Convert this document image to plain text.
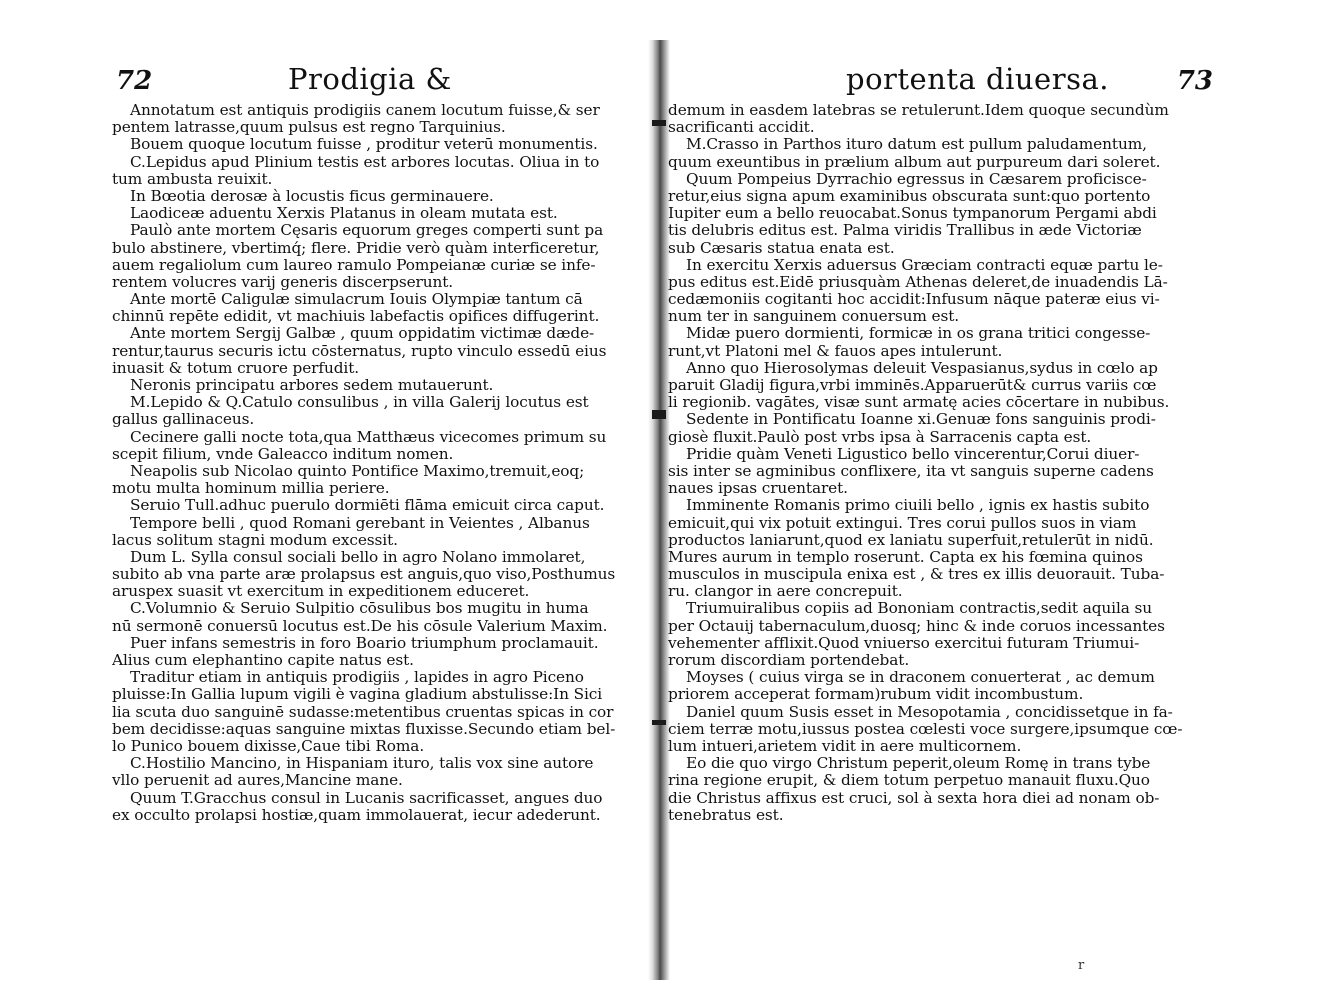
72	Prodigia &
Annotatum est antiquis prodigiis canem locutum fuisse,& ser
pentem latrasse,quum pulsus est regno Tarquinius.
Bouem quoque locutum fuisse , proditur veterū monumentis.
C.Lepidus apud Plinium testis est arbores locutas. Oliua in to
tum ambusta reuixit.
In Bœotia derosæ à locustis ficus germinauere.
Laodiceæ aduentu Xerxis Platanus in oleam mutata est.
Paulò ante mortem Cęsaris equorum greges comperti sunt pa
bulo abstinere, vbertimq́; flere. Pridie verò quàm interficeretur,
auem regaliolum cum laureo ramulo Pompeianæ curiæ se infe-
rentem volucres varij generis discerpserunt.
Ante mortē Caligulæ simulacrum Iouis Olympiæ tantum cā
chinnū repēte edidit, vt machiuis labefactis opifices diffugerint.
Ante mortem Sergij Galbæ , quum oppidatim victimæ dæde-
rentur,taurus securis ictu cōsternatus, rupto vinculo essedū eius
inuasit & totum cruore perfudit.
Neronis principatu arbores sedem mutauerunt.
M.Lepido & Q.Catulo consulibus , in villa Galerij locutus est
gallus gallinaceus.
Cecinere galli nocte tota,qua Matthæus vicecomes primum su
scepit filium, vnde Galeacco inditum nomen.
Neapolis sub Nicolao quinto Pontifice Maximo,tremuit,eoq;
motu multa hominum millia periere.
Seruio Tull.adhuc puerulo dormiēti flāma emicuit circa caput.
Tempore belli , quod Romani gerebant in Veientes , Albanus
lacus solitum stagni modum excessit.
Dum L. Sylla consul sociali bello in agro Nolano immolaret,
subito ab vna parte aræ prolapsus est anguis,quo viso,Posthumus
aruspex suasit vt exercitum in expeditionem educeret.
C.Volumnio & Seruio Sulpitio cōsulibus bos mugitu in huma
nū sermonē conuersū locutus est.De his cōsule Valerium Maxim.
Puer infans semestris in foro Boario triumphum proclamauit.
Alius cum elephantino capite natus est.
Traditur etiam in antiquis prodigiis , lapides in agro Piceno
pluisse:In Gallia lupum vigili è vagina gladium abstulisse:In Sici
lia scuta duo sanguinē sudasse:metentibus cruentas spicas in cor
bem decidisse:aquas sanguine mixtas fluxisse.Secundo etiam bel-
lo Punico bouem dixisse,Caue tibi Roma.
C.Hostilio Mancino, in Hispaniam ituro, talis vox sine autore
vllo peruenit ad aures,Mancine mane.
Quum T.Gracchus consul in Lucanis sacrificasset, angues duo
ex occulto prolapsi hostiæ,quam immolauerat, iecur adederunt.
portenta diuersa.	73
demum in easdem latebras se retulerunt.Idem quoque secundùm
sacrificanti accidit.
M.Crasso in Parthos ituro datum est pullum paludamentum,
quum exeuntibus in prælium album aut purpureum dari soleret.
Quum Pompeius Dyrrachio egressus in Cæsarem proficisce-
retur,eius signa apum examinibus obscurata sunt:quo portento
Iupiter eum a bello reuocabat.Sonus tympanorum Pergami abdi
tis delubris editus est. Palma viridis Trallibus in æde Victoriæ
sub Cæsaris statua enata est.
In exercitu Xerxis aduersus Græciam contracti equæ partu le-
pus editus est.Eidē priusquàm Athenas deleret,de inuadendis Lā-
cedæmoniis cogitanti hoc accidit:Infusum nāque pateræ eius vi-
num ter in sanguinem conuersum est.
Midæ puero dormienti, formicæ in os grana tritici congesse-
runt,vt Platoni mel & fauos apes intulerunt.
Anno quo Hierosolymas deleuit Vespasianus,sydus in cœlo ap
paruit Gladij figura,vrbi imminēs.Apparuerūt& currus variis cœ
li regionib. vagātes, visæ sunt armatę acies cōcertare in nubibus.
Sedente in Pontificatu Ioanne xi.Genuæ fons sanguinis prodi-
giosè fluxit.Paulò post vrbs ipsa à Sarracenis capta est.
Pridie quàm Veneti Ligustico bello vincerentur,Corui diuer-
sis inter se agminibus conflixere, ita vt sanguis superne cadens
naues ipsas cruentaret.
Imminente Romanis primo ciuili bello , ignis ex hastis subito
emicuit,qui vix potuit extingui. Tres corui pullos suos in viam
productos laniarunt,quod ex laniatu superfuit,retulerūt in nidū.
Mures aurum in templo roserunt. Capta ex his fœmina quinos
musculos in muscipula enixa est , & tres ex illis deuorauit. Tuba-
ru. clangor in aere concrepuit.
Triumuiralibus copiis ad Bononiam contractis,sedit aquila su
per Octauij tabernaculum,duosq; hinc & inde coruos incessantes
vehementer afflixit.Quod vniuerso exercitui futuram Triumui-
rorum discordiam portendebat.
Moyses ( cuius virga se in draconem conuerterat , ac demum
priorem acceperat formam)rubum vidit incombustum.
Daniel quum Susis esset in Mesopotamia , concidissetque in fa-
ciem terræ motu,iussus postea cœlesti voce surgere,ipsumque cœ-
lum intueri,arietem vidit in aere multicornem.
Eo die quo virgo Christum peperit,oleum Romę in trans tybe
rina regione erupit, & diem totum perpetuo manauit fluxu.Quo
die Christus affixus est cruci, sol à sexta hora diei ad nonam ob-
tenebratus est.
r
